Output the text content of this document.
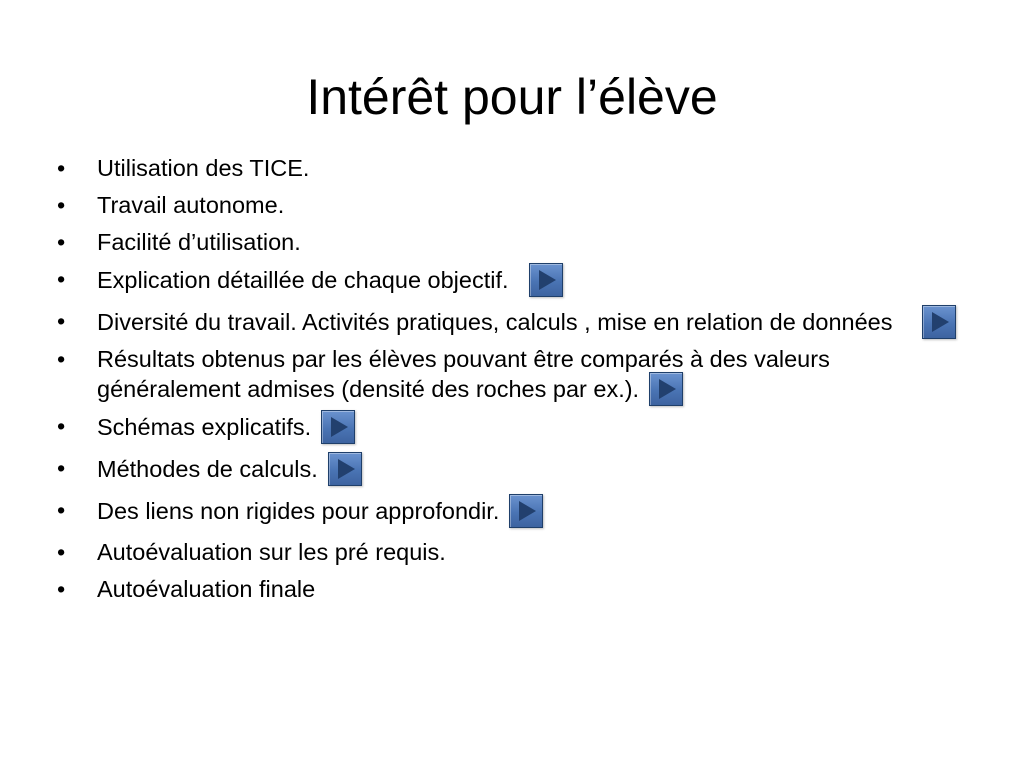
Intérêt pour l’élève
•	Utilisation des TICE.
•	Travail autonome.
•	Facilité d’utilisation.
•	Explication détaillée de chaque objectif.
•	Diversité du travail. Activités pratiques, calculs , mise en relation de données
•	Résultats obtenus par les élèves pouvant être comparés à des valeurs généralement admises (densité des roches par ex.).
•	Schémas explicatifs.
•	Méthodes de calculs.
•	Des liens non rigides pour approfondir.
•	Autoévaluation sur les pré requis.
•	Autoévaluation finale
